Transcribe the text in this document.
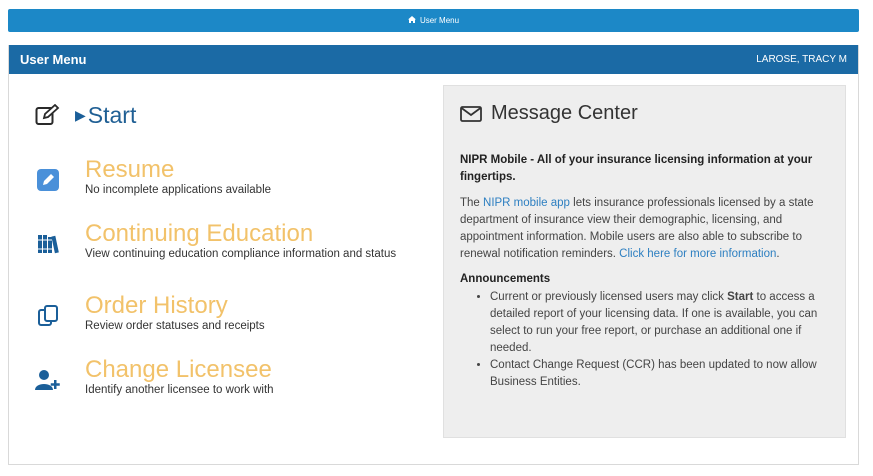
User Menu
User Menu	LAROSE, TRACY M
▶ Start
Resume
No incomplete applications available
Continuing Education
View continuing education compliance information and status
Order History
Review order statuses and receipts
Change Licensee
Identify another licensee to work with
Message Center
NIPR Mobile - All of your insurance licensing information at your fingertips.
The NIPR mobile app lets insurance professionals licensed by a state department of insurance view their demographic, licensing, and appointment information. Mobile users are also able to subscribe to renewal notification reminders. Click here for more information.
Announcements
• Current or previously licensed users may click Start to access a detailed report of your licensing data. If one is available, you can select to run your free report, or purchase an additional one if needed.
• Contact Change Request (CCR) has been updated to now allow Business Entities.
